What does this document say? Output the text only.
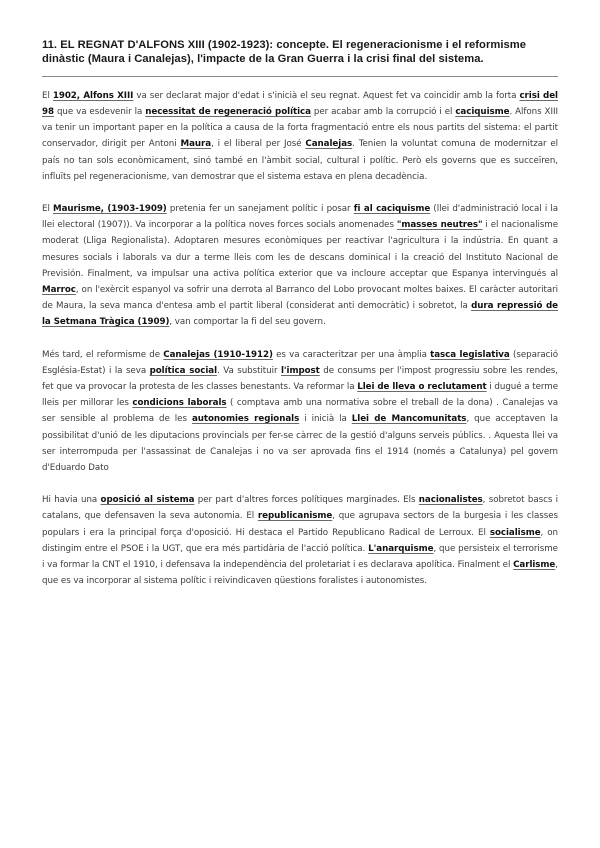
11. EL REGNAT D'ALFONS XIII (1902-1923): concepte. El regeneracionisme i el reformisme dinàstic (Maura i Canalejas), l'impacte de la Gran Guerra i la crisi final del sistema.
El 1902, Alfons XIII va ser declarat major d'edat i s'inicià el seu regnat. Aquest fet va coincidir amb la forta crisi del 98 que va esdevenir la necessitat de regeneració política per acabar amb la corrupció i el caciquisme. Alfons XIII va tenir un important paper en la política a causa de la forta fragmentació entre els nous partits del sistema: el partit conservador, dirigit per Antoni Maura, i el liberal per José Canalejas. Tenien la voluntat comuna de modernitzar el país no tan sols econòmicament, sinó també en l'àmbit social, cultural i polític. Però els governs que es succeïren, influïts pel regeneracionisme, van demostrar que el sistema estava en plena decadència.
El Maurisme, (1903-1909) pretenia fer un sanejament polític i posar fi al caciquisme (llei d'administració local i la llei electoral (1907)). Va incorporar a la política noves forces socials anomenades "masses neutres" i el nacionalisme moderat (Lliga Regionalista). Adoptaren mesures econòmiques per reactivar l'agricultura i la indústria. En quant a mesures socials i laborals va dur a terme lleis com les de descans dominical i la creació del Instituto Nacional de Previsión. Finalment, va impulsar una activa política exterior que va incloure acceptar que Espanya intervingués al Marroc, on l'exèrcit espanyol va sofrir una derrota al Barranco del Lobo provocant moltes baixes. El caràcter autoritari de Maura, la seva manca d'entesa amb el partit liberal (considerat anti democràtic) i sobretot, la dura repressió de la Setmana Tràgica (1909), van comportar la fi del seu govern.
Més tard, el reformisme de Canalejas (1910-1912) es va caracteritzar per una àmplia tasca legislativa (separació Església-Estat) i la seva política social. Va substituir l'impost de consums per l'impost progressiu sobre les rendes, fet que va provocar la protesta de les classes benestants. Va reformar la Llei de lleva o reclutament i dugué a terme lleis per millorar les condicions laborals ( comptava amb una normativa sobre el treball de la dona) . Canalejas va ser sensible al problema de les autonomies regionals i inicià la Llei de Mancomunitats, que acceptaven la possibilitat d'unió de les diputacions provincials per fer-se càrrec de la gestió d'alguns serveis públics. . Aquesta llei va ser interrompuda per l'assassinat de Canalejas i no va ser aprovada fins el 1914 (només a Catalunya) pel govern d'Eduardo Dato
Hi havia una oposició al sistema per part d'altres forces polítiques marginades. Els nacionalistes, sobretot bascs i catalans, que defensaven la seva autonomia. El republicanisme, que agrupava sectors de la burgesia i les classes populars i era la principal força d'oposició. Hi destaca el Partido Republicano Radical de Lerroux. El socialisme, on distingim entre el PSOE i la UGT, que era més partidària de l'acció política. L'anarquisme, que persisteix el terrorisme i va formar la CNT el 1910, i defensava la independència del proletariat i es declarava apolítica. Finalment el Carlisme, que es va incorporar al sistema polític i reivindicaven qüestions foralistes i autonomistes.
